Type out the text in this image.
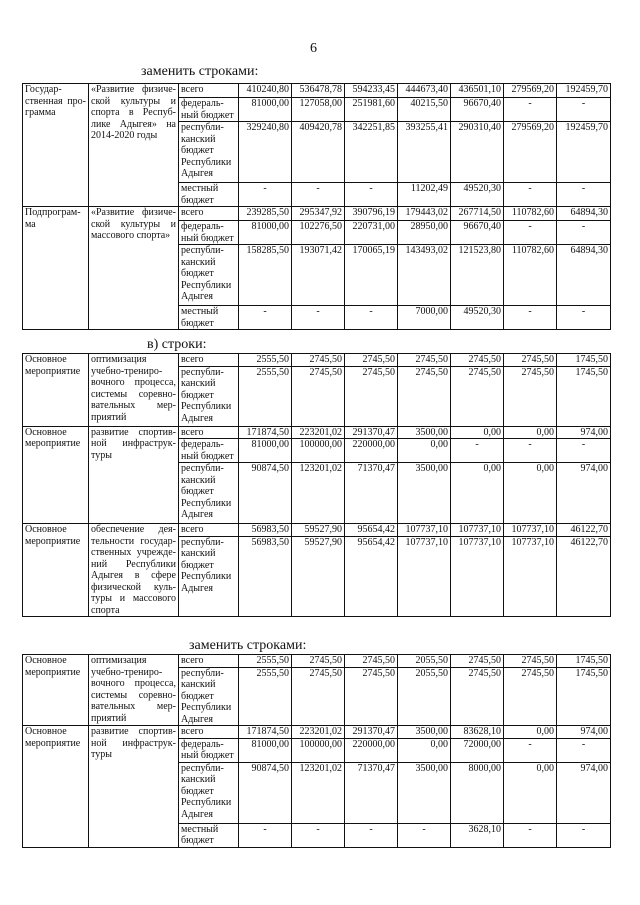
6
заменить строками:
Государ-ственная про-грамма	«Развитие физиче-ской культуры и спорта в Респуб-лике Адыгея» на 2014-2020 годы	всего	410240,80	536478,78	594233,45	444673,40	436501,10	279569,20	192459,70
		федераль-ный бюджет	81000,00	127058,00	251981,60	40215,50	96670,40	-	-
		республи-канский бюджет Республики Адыгея	329240,80	409420,78	342251,85	393255,41	290310,40	279569,20	192459,70
		местный бюджет	-	-	-	11202,49	49520,30	-	-
Подпрограм-ма	«Развитие физиче-ской культуры и массового спорта»	всего	239285,50	295347,92	390796,19	179443,02	267714,50	110782,60	64894,30
		федераль-ный бюджет	81000,00	102276,50	220731,00	28950,00	96670,40	-	-
		республи-канский бюджет Республики Адыгея	158285,50	193071,42	170065,19	143493,02	121523,80	110782,60	64894,30
		местный бюджет	-	-	-	7000,00	49520,30	-	-
в) строки:
Основное мероприятие	оптимизация учебно-трениро-вочного процесса, системы соревно-вательных мер-приятий	всего	2555,50	2745,50	2745,50	2745,50	2745,50	2745,50	1745,50
		республи-канский бюджет Республики Адыгея	2555,50	2745,50	2745,50	2745,50	2745,50	2745,50	1745,50
Основное мероприятие	развитие спортив-ной инфраструк-туры	всего	171874,50	223201,02	291370,47	3500,00	0,00	0,00	974,00
		федераль-ный бюджет	81000,00	100000,00	220000,00	0,00	-	-	-
		республи-канский бюджет Республики Адыгея	90874,50	123201,02	71370,47	3500,00	0,00	0,00	974,00
Основное мероприятие	обеспечение дея-тельности государ-ственных учрежде-ний Республики Адыгея в сфере физической куль-туры и массового спорта	всего	56983,50	59527,90	95654,42	107737,10	107737,10	107737,10	46122,70
		республи-канский бюджет Республики Адыгея	56983,50	59527,90	95654,42	107737,10	107737,10	107737,10	46122,70
заменить строками:
Основное мероприятие	оптимизация учебно-трениро-вочного процесса, системы соревно-вательных мер-приятий	всего	2555,50	2745,50	2745,50	2055,50	2745,50	2745,50	1745,50
		республи-канский бюджет Республики Адыгея	2555,50	2745,50	2745,50	2055,50	2745,50	2745,50	1745,50
Основное мероприятие	развитие спортив-ной инфраструк-туры	всего	171874,50	223201,02	291370,47	3500,00	83628,10	0,00	974,00
		федераль-ный бюджет	81000,00	100000,00	220000,00	0,00	72000,00	-	-
		республи-канский бюджет Республики Адыгея	90874,50	123201,02	71370,47	3500,00	8000,00	0,00	974,00
		местный бюджет	-	-	-	-	3628,10	-	-
